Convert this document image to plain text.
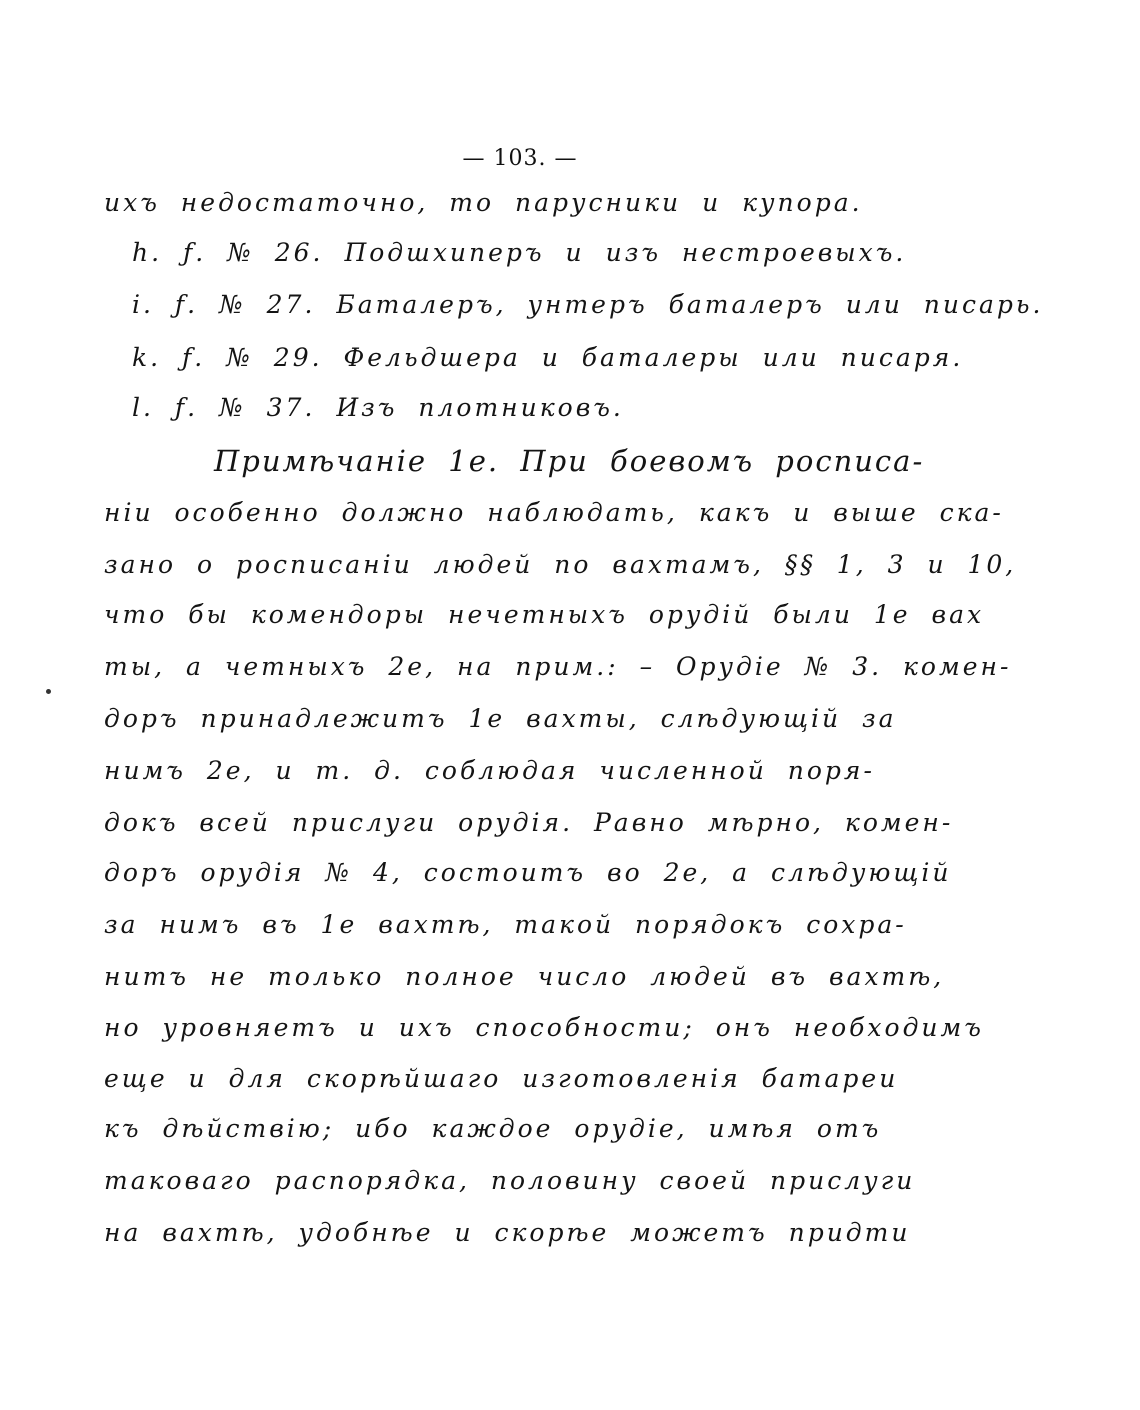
— 103. —
ихъ недостаточно, то парусники и купора.
h. ƒ. № 26. Подшхиперъ и изъ нестроевыхъ.
i. ƒ. № 27. Баталеръ, унтеръ баталеръ или писарь.
k. ƒ. № 29. Фельдшера и баталеры или писаря.
l. ƒ. № 37. Изъ плотниковъ.
Примѣчаніе 1е. При боевомъ росписа-
ніи особенно должно наблюдать, какъ и выше ска-
зано о росписаніи людей по вахтамъ, §§ 1, 3 и 10,
что бы комендоры нечетныхъ орудій были 1е вах
ты, а четныхъ 2е, на прим.: – Орудіе № 3. комен-
доръ принадлежитъ 1е вахты, слѣдующій за
нимъ 2е, и т. д. соблюдая численной поря-
докъ всей прислуги орудія. Равно мѣрно, комен-
доръ орудія № 4, состоитъ во 2е, а слѣдующій
за нимъ въ 1е вахтѣ, такой порядокъ сохра-
нитъ не только полное число людей въ вахтѣ,
но уровняетъ и ихъ способности; онъ необходимъ
еще и для скорѣйшаго изготовленія батареи
къ дѣйствію; ибо каждое орудіе, имѣя отъ
таковаго распорядка, половину своей прислуги
на вахтѣ, удобнѣе и скорѣе можетъ придти
